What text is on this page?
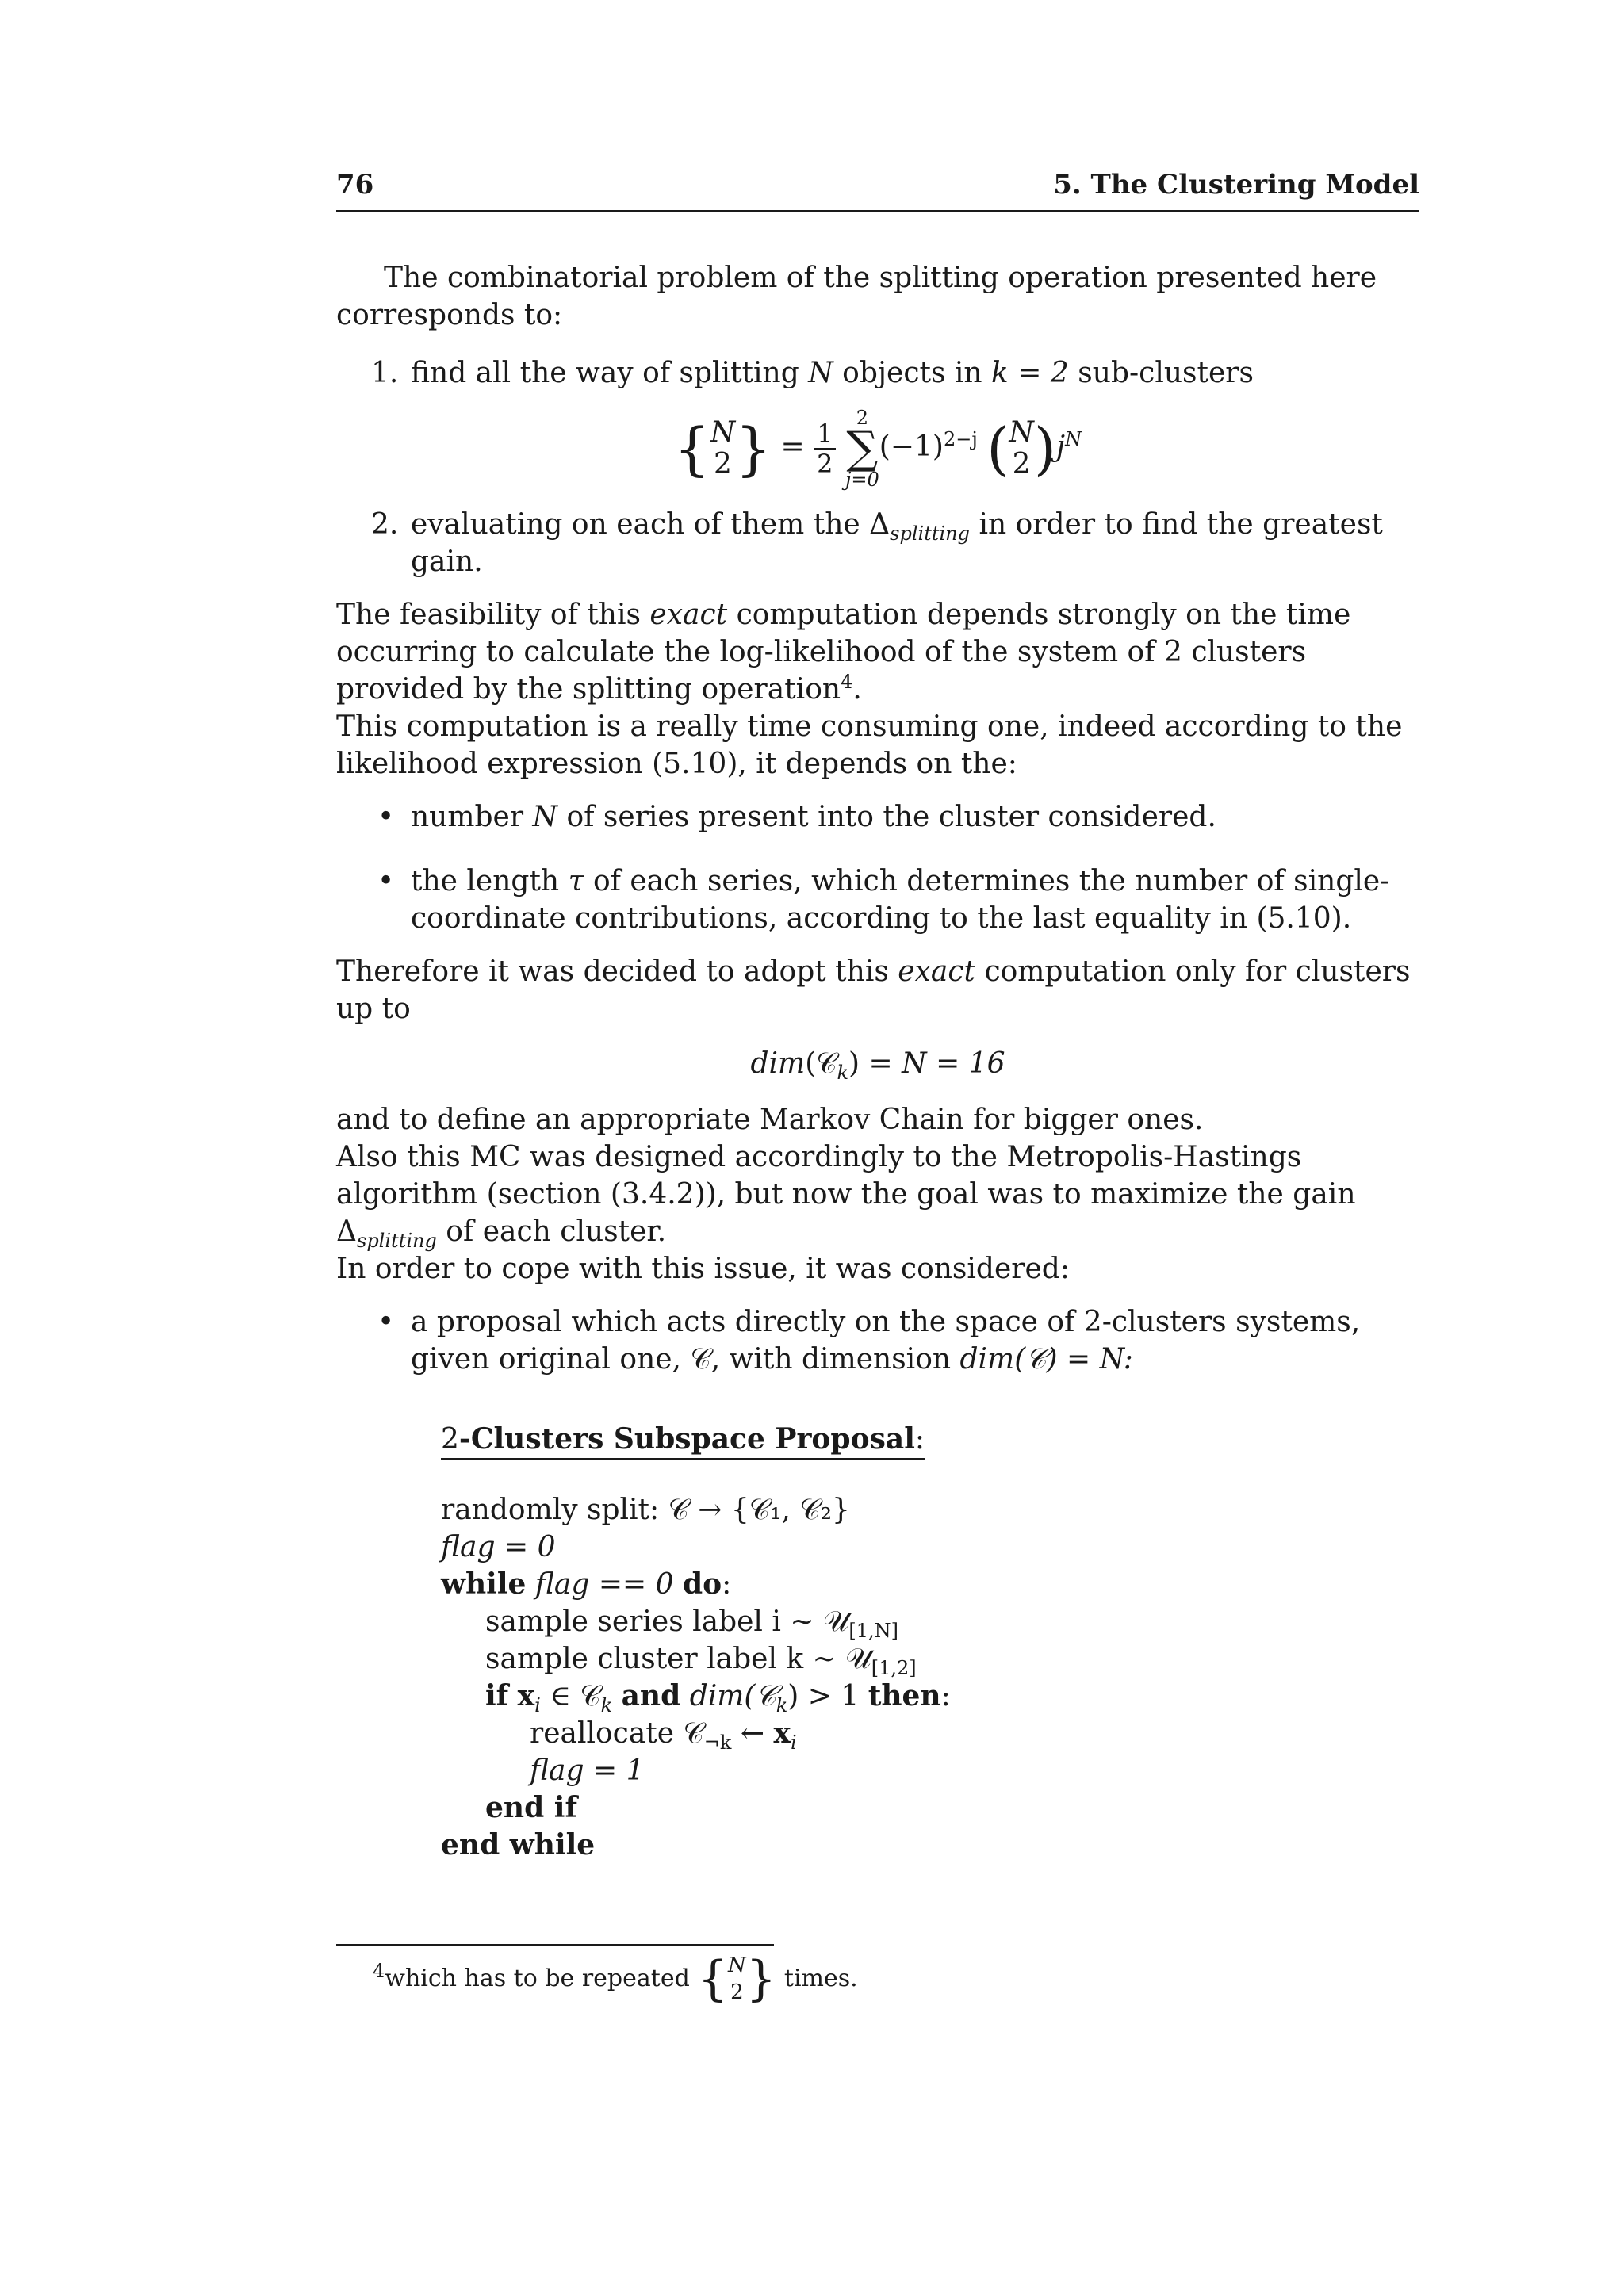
76	5. The Clustering Model

The combinatorial problem of the splitting operation presented here corresponds to:

1. find all the way of splitting N objects in k = 2 sub-clusters
{ N
2 } = $\frac{1}{2}$

2
∑
j=0
$(-1)^{2-j}$ ( N
2 )$j^N$
2. evaluating on each of them the $\Delta_{splitting}$ in order to find the greatest gain.

The feasibility of this exact computation depends strongly on the time occurring to calculate the log-likelihood of the system of 2 clusters provided by the splitting operation$^4$.

This computation is a really time consuming one, indeed according to the likelihood expression (5.10), it depends on the:

• number N of series present into the cluster considered.
• the length τ of each series, which determines the number of single-coordinate contributions, according to the last equality in (5.10).

Therefore it was decided to adopt this exact computation only for clusters up to

dim(𝒞$_k$) = N = 16

and to define an appropriate Markov Chain for bigger ones.

Also this MC was designed accordingly to the Metropolis-Hastings algorithm (section (3.4.2)), but now the goal was to maximize the gain $\Delta_{splitting}$ of each cluster.

In order to cope with this issue, it was considered:

• a proposal which acts directly on the space of 2-clusters systems, given original one, 𝒞, with dimension dim(𝒞) = N:
2-Clusters Subspace Proposal:
randomly split: 𝒞 → {𝒞₁, 𝒞₂}
flag = 0
while flag == 0 do:
sample series label i ∼ 𝒰$_{[1,N]}$
sample cluster label k ∼ 𝒰$_{[1,2]}$
if $x_i$ ∈ 𝒞$_k$ and dim(𝒞$_k$) > 1 then:
reallocate 𝒞$_{\neg k}$ ← $x_i$
flag = 1
end if
end while
$^4$which has to be repeated { N
2 } times.
